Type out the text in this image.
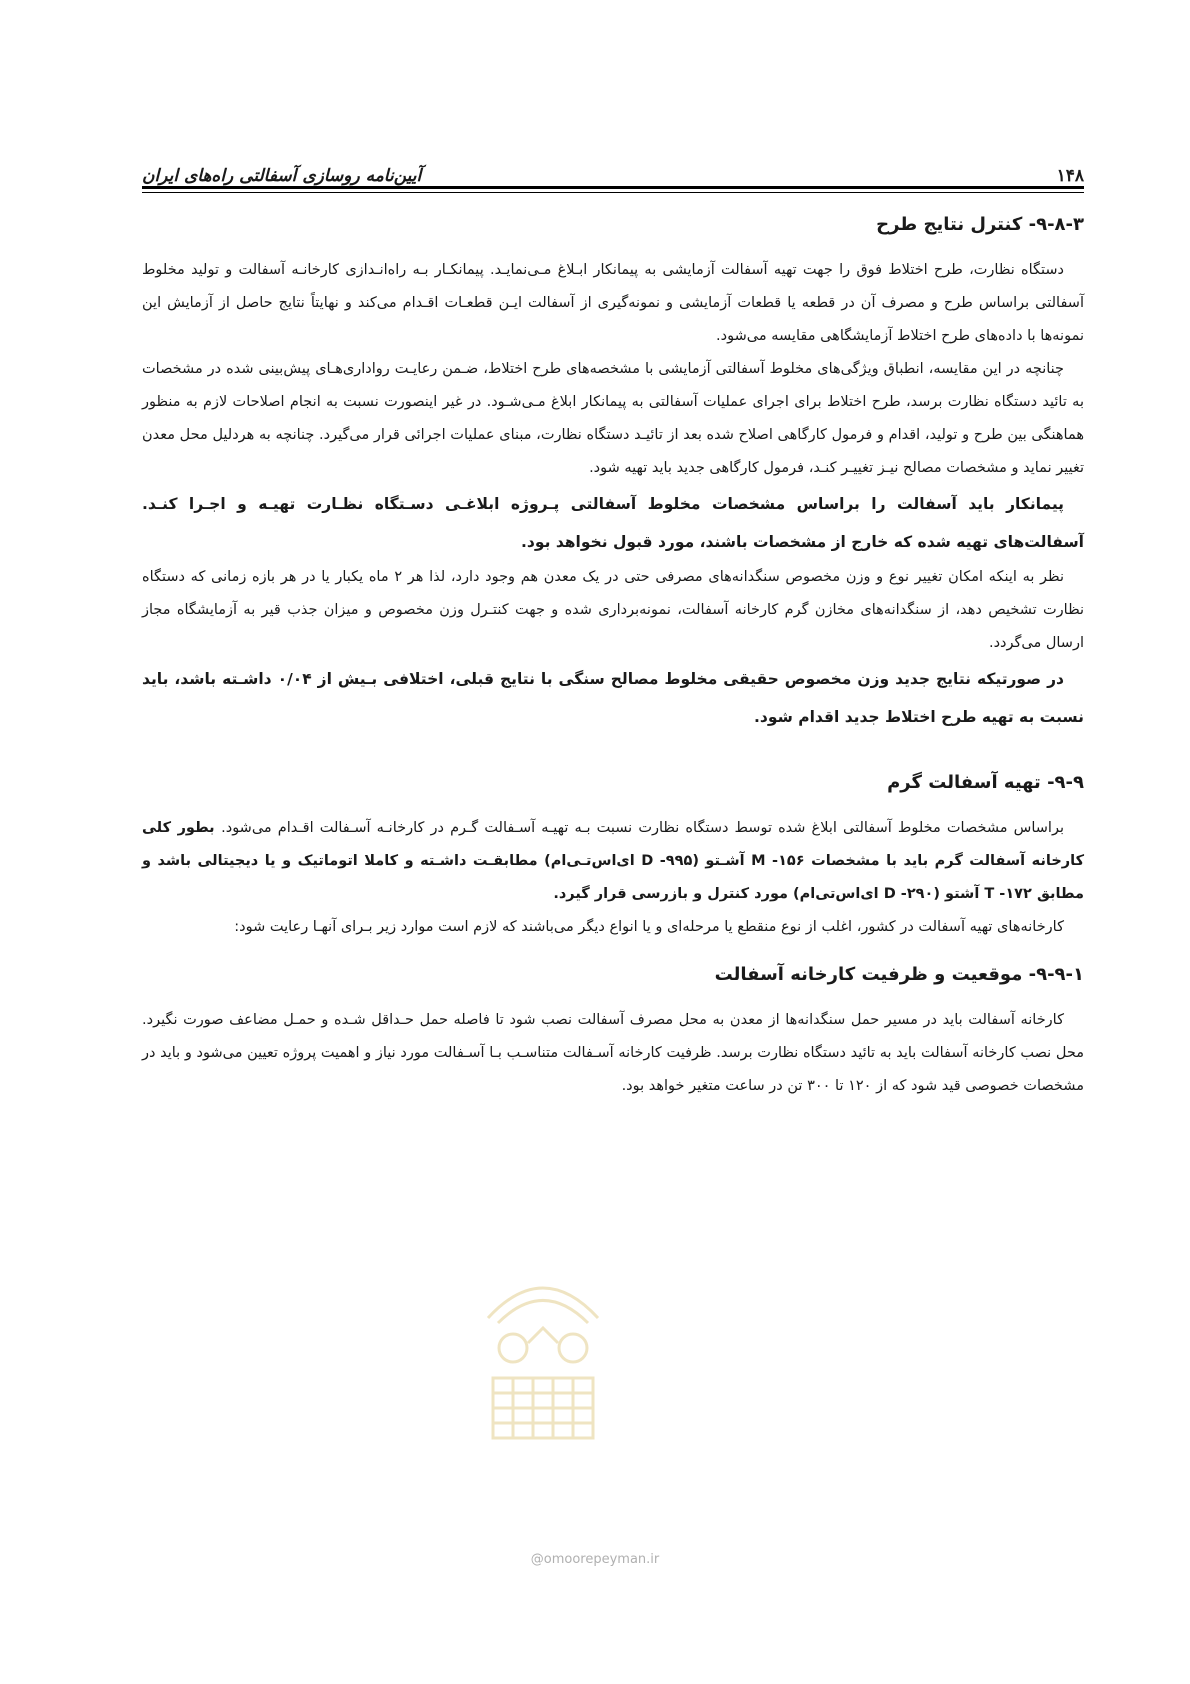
۱۴۸
آیین‌نامه روسازی آسفالتی راه‌های ایران
۹-۸-۳- کنترل نتایج طرح

دستگاه نظارت، طرح اختلاط فوق را جهت تهیه آسفالت آزمایشی به پیمانکار ابـلاغ مـی‌نمایـد. پیمانکـار بـه راه‌انـدازی کارخانـه آسفالت و تولید مخلوط آسفالتی براساس طرح و مصرف آن در قطعه یا قطعات آزمایشی و نمونه‌گیری از آسفالت ایـن قطعـات اقـدام می‌کند و نهایتاً نتایج حاصل از آزمایش این نمونه‌ها با داده‌های طرح اختلاط آزمایشگاهی مقایسه می‌شود.

چنانچه در این مقایسه، انطباق ویژگی‌های مخلوط آسفالتی آزمایشی با مشخصه‌های طرح اختلاط، ضـمن رعایـت رواداری‌هـای پیش‌بینی شده در مشخصات به تائید دستگاه نظارت برسد، طرح اختلاط برای اجرای عملیات آسفالتی به پیمانکار ابلاغ مـی‌شـود. در غیر اینصورت نسبت به انجام اصلاحات لازم به منظور هماهنگی بین طرح و تولید، اقدام و فرمول کارگاهی اصلاح شده بعد از تائیـد دستگاه نظارت، مبنای عملیات اجرائی قرار می‌گیرد. چنانچه به هردلیل محل معدن تغییر نماید و مشخصات مصالح نیـز تغییـر کنـد، فرمول کارگاهی جدید باید تهیه شود.

پیمانکار باید آسفالت را براساس مشخصات مخلوط آسفالتی پـروژه ابلاغـی دسـتگاه نظـارت تهیـه و اجـرا کنـد. آسفالت‌های تهیه شده که خارج از مشخصات باشند، مورد قبول نخواهد بود.

نظر به اینکه امکان تغییر نوع و وزن مخصوص سنگدانه‌های مصرفی حتی در یک معدن هم وجود دارد، لذا هر ۲ ماه یکبار یا در هر بازه زمانی که دستگاه نظارت تشخیص دهد، از سنگدانه‌های مخازن گرم کارخانه آسفالت، نمونه‌برداری شده و جهت کنتـرل وزن مخصوص و میزان جذب قیر به آزمایشگاه مجاز ارسال می‌گردد.

در صورتیکه نتایج جدید وزن مخصوص حقیقی مخلوط مصالح سنگی با نتایج قبلی، اختلافی بـیش از ۰/۰۴ داشـته باشد، باید نسبت به تهیه طرح اختلاط جدید اقدام شود.

۹-۹- تهیه آسفالت گرم

براساس مشخصات مخلوط آسفالتی ابلاغ شده توسط دستگاه نظارت نسبت بـه تهیـه آسـفالت گـرم در کارخانـه آسـفالت اقـدام می‌شود. بطور کلی کارخانه آسفالت گرم باید با مشخصات ۱۵۶- M آشـتو (۹۹۵- D ای‌اس‌تـی‌ام) مطابقـت داشـته و کاملا اتوماتیک و یا دیجیتالی باشد و مطابق ۱۷۲- T آشتو (۲۹۰- D ای‌اس‌تی‌ام) مورد کنترل و بازرسی قرار گیرد.

کارخانه‌های تهیه آسفالت در کشور، اغلب از نوع منقطع یا مرحله‌ای و یا انواع دیگر می‌باشند که لازم است موارد زیر بـرای آنهـا رعایت شود:

۹-۹-۱- موقعیت و ظرفیت کارخانه آسفالت

کارخانه آسفالت باید در مسیر حمل سنگدانه‌ها از معدن به محل مصرف آسفالت نصب شود تا فاصله حمل حـداقل شـده و حمـل مضاعف صورت نگیرد. محل نصب کارخانه آسفالت باید به تائید دستگاه نظارت برسد. ظرفیت کارخانه آسـفالت متناسـب بـا آسـفالت مورد نیاز و اهمیت پروژه تعیین می‌شود و باید در مشخصات خصوصی قید شود که از ۱۲۰ تا ۳۰۰ تن در ساعت متغیر خواهد بود.

@omoorepeyman.ir
